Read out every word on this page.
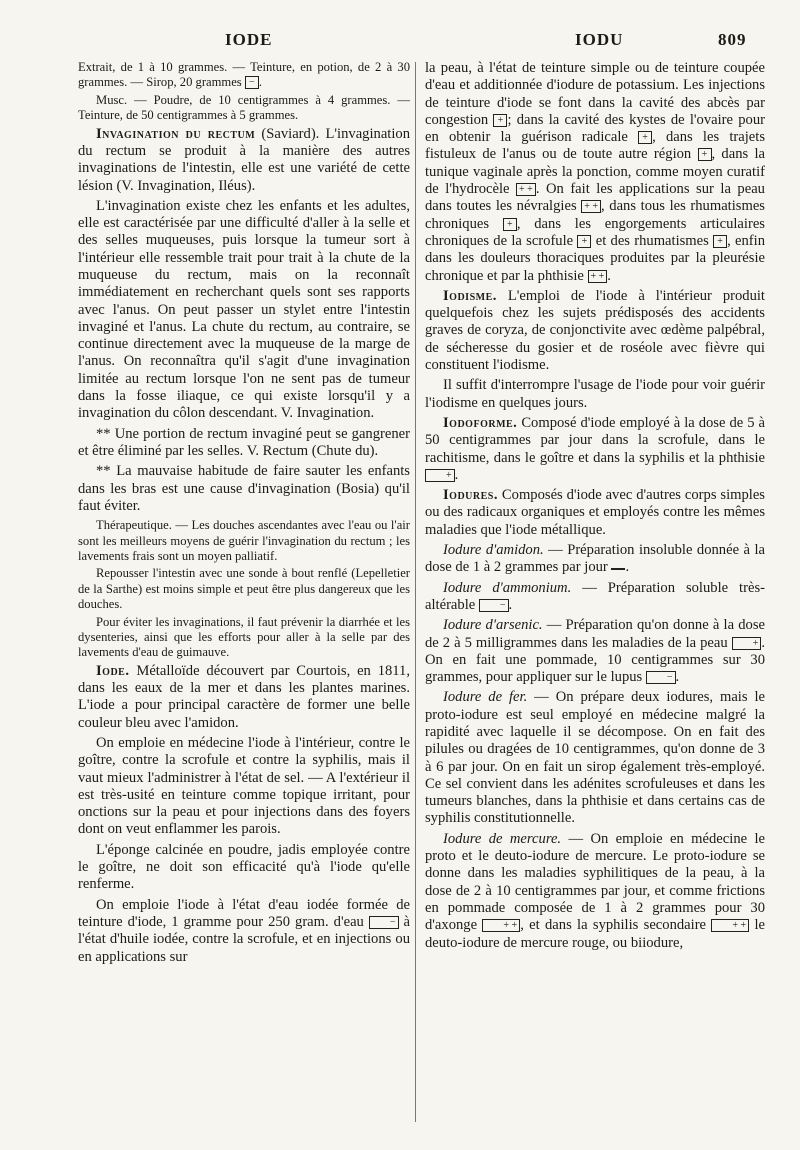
IODE	IODU	809

Extrait, de 1 à 10 grammes. — Teinture, en potion, de 2 à 30 grammes. — Sirop, 20 grammes − .

Musc. — Poudre, de 10 centigrammes à 4 grammes. — Teinture, de 50 centigrammes à 5 grammes.

Invagination du rectum (Saviard). L'invagination du rectum se produit à la manière des autres invaginations de l'intestin, elle est une variété de cette lésion (V. Invagination, Iléus).

L'invagination existe chez les enfants et les adultes, elle est caractérisée par une difficulté d'aller à la selle et des selles muqueuses, puis lorsque la tumeur sort à l'intérieur elle ressemble trait pour trait à la chute de la muqueuse du rectum, mais on la reconnaît immédiatement en recherchant quels sont ses rapports avec l'anus. On peut passer un stylet entre l'intestin invaginé et l'anus. La chute du rectum, au contraire, se continue directement avec la muqueuse de la marge de l'anus. On reconnaîtra qu'il s'agit d'une invagination limitée au rectum lorsque l'on ne sent pas de tumeur dans la fosse iliaque, ce qui existe lorsqu'il y a invagination du côlon descendant. V. Invagination.

** Une portion de rectum invaginé peut se gangrener et être éliminé par les selles. V. Rectum (Chute du).

** La mauvaise habitude de faire sauter les enfants dans les bras est une cause d'invagination (Bosia) qu'il faut éviter.

Thérapeutique. — Les douches ascendantes avec l'eau ou l'air sont les meilleurs moyens de guérir l'invagination du rectum ; les lavements frais sont un moyen palliatif.

Repousser l'intestin avec une sonde à bout renflé (Lepelletier de la Sarthe) est moins simple et peut être plus dangereux que les douches.

Pour éviter les invaginations, il faut prévenir la diarrhée et les dysenteries, ainsi que les efforts pour aller à la selle par des lavements d'eau de guimauve.

Iode. Métalloïde découvert par Courtois, en 1811, dans les eaux de la mer et dans les plantes marines. L'iode a pour principal caractère de former une belle couleur bleu avec l'amidon.

On emploie en médecine l'iode à l'intérieur, contre le goître, contre la scrofule et contre la syphilis, mais il vaut mieux l'administrer à l'état de sel. — A l'extérieur il est très-usité en teinture comme topique irritant, pour onctions sur la peau et pour injections dans des foyers dont on veut enflammer les parois.

L'éponge calcinée en poudre, jadis employée contre le goître, ne doit son efficacité qu'à l'iode qu'elle renferme.

On emploie l'iode à l'état d'eau iodée formée de teinture d'iode, 1 gramme pour 250 gram. d'eau	− à l'état d'huile iodée, contre la scrofule, et en injections ou en applications sur

la peau, à l'état de teinture simple ou de teinture coupée d'eau et additionnée d'iodure de potassium. Les injections de teinture d'iode se font dans la cavité des abcès par congestion + ; dans la cavité des kystes de l'ovaire pour en obtenir la guérison radicale + , dans les trajets fistuleux de l'anus ou de toute autre région + , dans la tunique vaginale après la ponction, comme moyen curatif de l'hydrocèle + + . On fait les applications sur la peau dans toutes les névralgies + + , dans tous les rhumatismes chroniques + , dans les engorgements articulaires chroniques de la scrofule + et des rhumatismes + , enfin dans les douleurs thoraciques produites par la pleurésie chronique et par la phthisie + + .

Iodisme. L'emploi de l'iode à l'intérieur produit quelquefois chez les sujets prédisposés des accidents graves de coryza, de conjonctivite avec œdème palpébral, de sécheresse du gosier et de roséole avec fièvre qui constituent l'iodisme.

Il suffit d'interrompre l'usage de l'iode pour voir guérir l'iodisme en quelques jours.

Iodoforme. Composé d'iode employé à la dose de 5 à 50 centigrammes par jour dans la scrofule, dans le rachitisme, dans le goître et dans la syphilis et la phthisie + .

Iodures. Composés d'iode avec d'autres corps simples ou des radicaux organiques et employés contre les mêmes maladies que l'iode métallique.

Iodure d'amidon. — Préparation insoluble donnée à la dose de 1 à 2 grammes par jour .

Iodure d'ammonium. — Préparation soluble très-altérable − .

Iodure d'arsenic. — Préparation qu'on donne à la dose de 2 à 5 milligrammes dans les maladies de la peau	+ . On en fait une pommade, 10 centigrammes sur 30 grammes, pour appliquer sur le lupus − .

Iodure de fer. — On prépare deux iodures, mais le proto-iodure est seul employé en médecine malgré la rapidité avec laquelle il se décompose. On en fait des pilules ou dragées de 10 centigrammes, qu'on donne de 3 à 6 par jour. On en fait un sirop également très-employé. Ce sel convient dans les adénites scrofuleuses et dans les tumeurs blanches, dans la phthisie et dans certains cas de syphilis constitutionnelle.

Iodure de mercure. — On emploie en médecine le proto et le deuto-iodure de mercure. Le proto-iodure se donne dans les maladies syphilitiques de la peau, à la dose de 2 à 10 centigrammes par jour, et comme frictions en pommade composée de 1 à 2 grammes pour 30 d'axonge	+ + , et dans la syphilis secondaire	+ + le deuto-iodure de mercure rouge, ou biiodure,
